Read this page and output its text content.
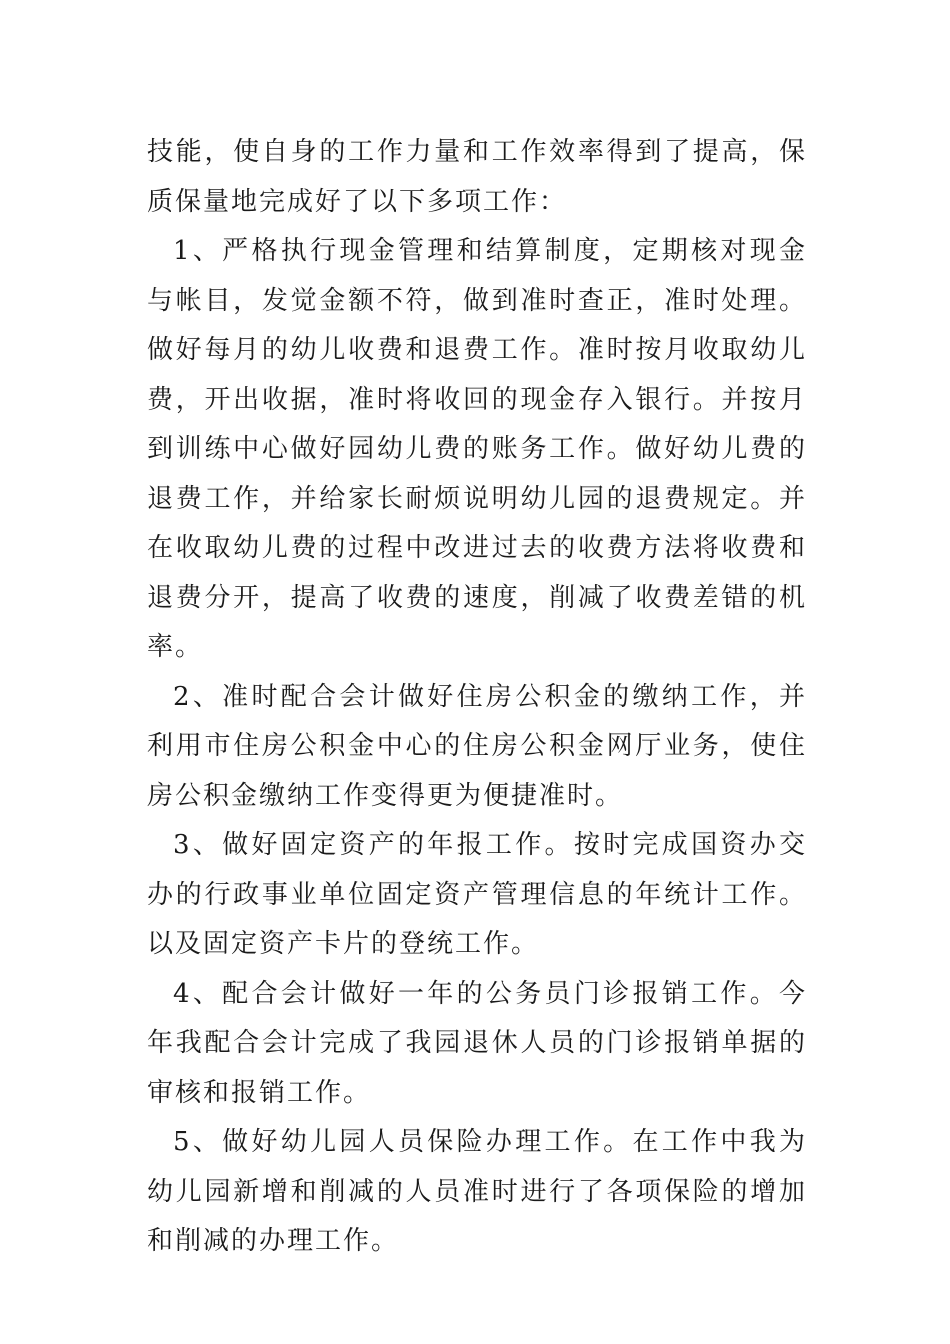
技能，使自身的工作力量和工作效率得到了提高，保质保量地完成好了以下多项工作：

1、严格执行现金管理和结算制度，定期核对现金与帐目，发觉金额不符，做到准时查正，准时处理。做好每月的幼儿收费和退费工作。准时按月收取幼儿费，开出收据，准时将收回的现金存入银行。并按月到训练中心做好园幼儿费的账务工作。做好幼儿费的退费工作，并给家长耐烦说明幼儿园的退费规定。并在收取幼儿费的过程中改进过去的收费方法将收费和退费分开，提高了收费的速度，削减了收费差错的机率。

2、准时配合会计做好住房公积金的缴纳工作，并利用市住房公积金中心的住房公积金网厅业务，使住房公积金缴纳工作变得更为便捷准时。

3、做好固定资产的年报工作。按时完成国资办交办的行政事业单位固定资产管理信息的年统计工作。以及固定资产卡片的登统工作。

4、配合会计做好一年的公务员门诊报销工作。今年我配合会计完成了我园退休人员的门诊报销单据的审核和报销工作。

5、做好幼儿园人员保险办理工作。在工作中我为幼儿园新增和削减的人员准时进行了各项保险的增加和削减的办理工作。
